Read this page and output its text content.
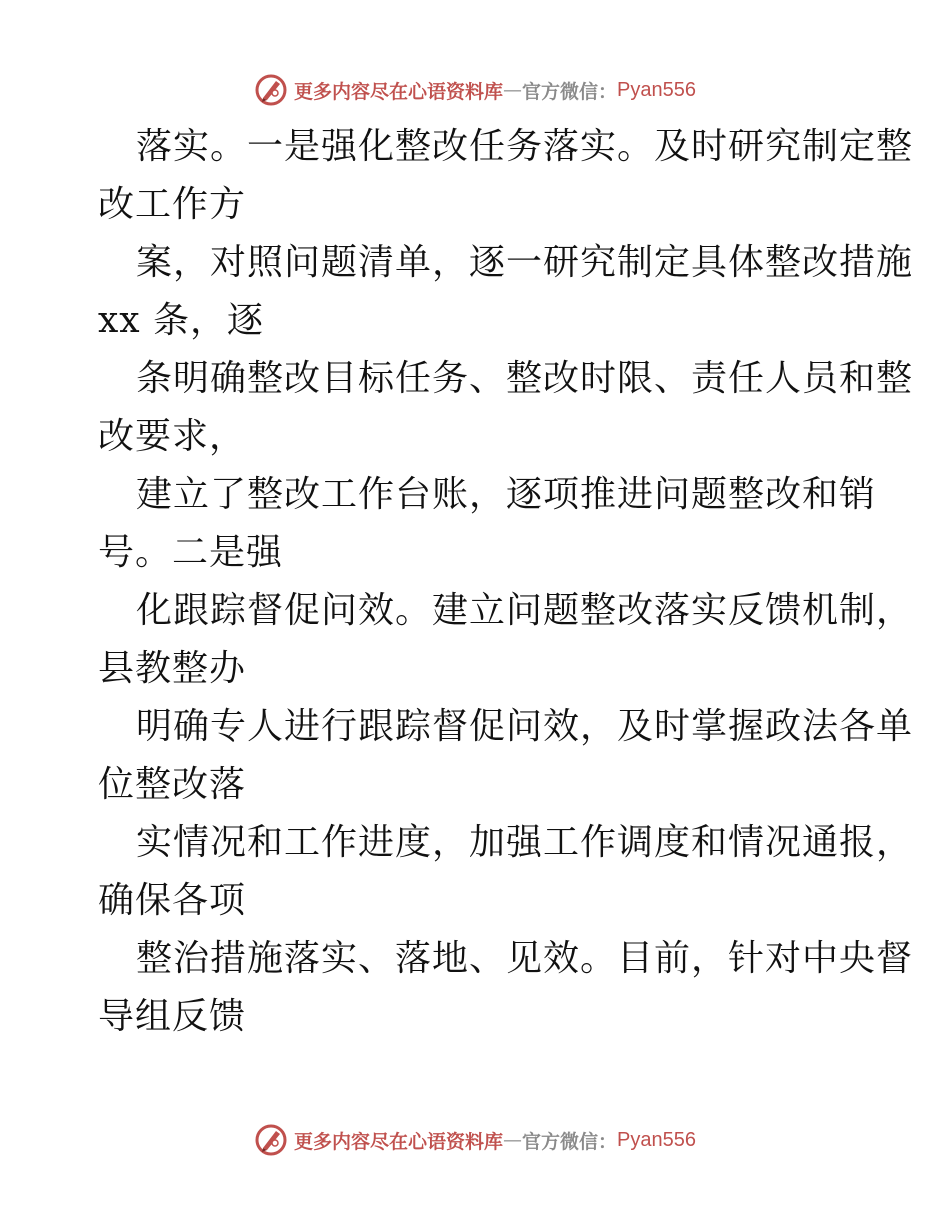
更多内容尽在心语资料库 — 官方微信： Pyan556
落实。一是强化整改任务落实。及时研究制定整
改工作方
案，对照问题清单，逐一研究制定具体整改措施
xx 条，逐
条明确整改目标任务、整改时限、责任人员和整
改要求，
建立了整改工作台账，逐项推进问题整改和销
号。二是强
化跟踪督促问效。建立问题整改落实反馈机制，
县教整办
明确专人进行跟踪督促问效，及时掌握政法各单
位整改落
实情况和工作进度，加强工作调度和情况通报，
确保各项
整治措施落实、落地、见效。目前，针对中央督
导组反馈
更多内容尽在心语资料库 — 官方微信： Pyan556
